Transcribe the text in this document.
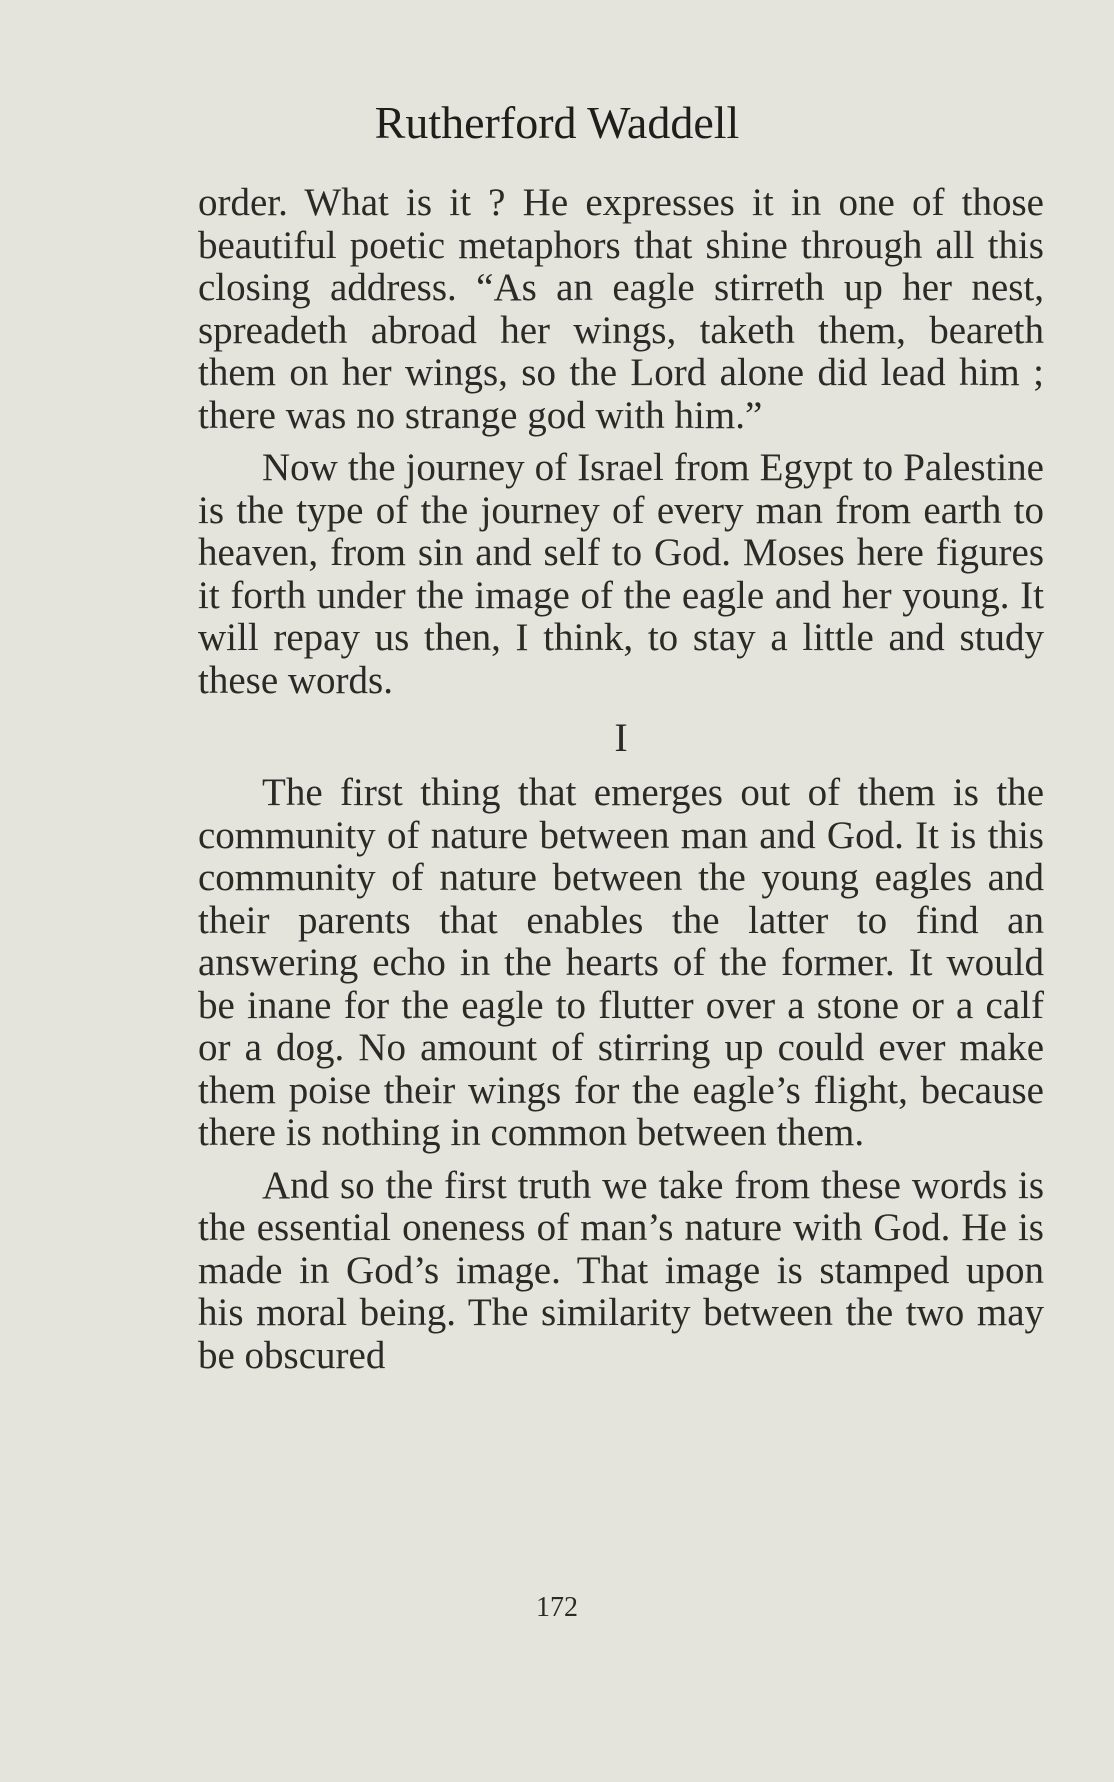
Rutherford Waddell

order. What is it ? He expresses it in one of those beautiful poetic metaphors that shine through all this closing address. “As an eagle stirreth up her nest, spreadeth abroad her wings, taketh them, beareth them on her wings, so the Lord alone did lead him ; there was no strange god with him.”

Now the journey of Israel from Egypt to Palestine is the type of the journey of every man from earth to heaven, from sin and self to God. Moses here figures it forth under the image of the eagle and her young. It will repay us then, I think, to stay a little and study these words.

I

The first thing that emerges out of them is the community of nature between man and God. It is this community of nature between the young eagles and their parents that enables the latter to find an answering echo in the hearts of the former. It would be inane for the eagle to flutter over a stone or a calf or a dog. No amount of stirring up could ever make them poise their wings for the eagle’s flight, because there is nothing in common between them.

And so the first truth we take from these words is the essential oneness of man’s nature with God. He is made in God’s image. That image is stamped upon his moral being. The similarity between the two may be obscured

172
